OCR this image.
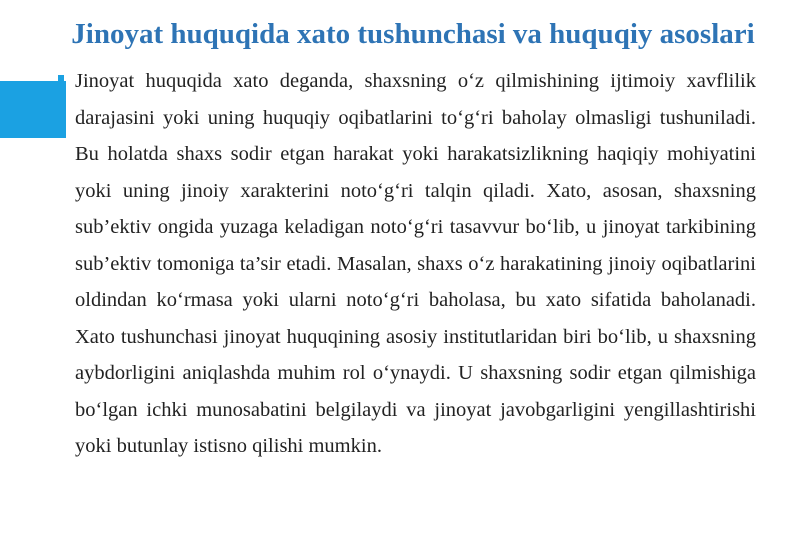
Jinoyat huquqida xato tushunchasi va huquqiy asoslari

Jinoyat huquqida xato deganda, shaxsning o‘z qilmishining ijtimoiy xavflilik darajasini yoki uning huquqiy oqibatlarini to‘g‘ri baholay olmasligi tushuniladi. Bu holatda shaxs sodir etgan harakat yoki harakatsizlikning haqiqiy mohiyatini yoki uning jinoiy xarakterini noto‘g‘ri talqin qiladi. Xato, asosan, shaxsning sub’ektiv ongida yuzaga keladigan noto‘g‘ri tasavvur bo‘lib, u jinoyat tarkibining sub’ektiv tomoniga ta’sir etadi. Masalan, shaxs o‘z harakatining jinoiy oqibatlarini oldindan ko‘rmasa yoki ularni noto‘g‘ri baholasa, bu xato sifatida baholanadi. Xato tushunchasi jinoyat huquqining asosiy institutlaridan biri bo‘lib, u shaxsning aybdorligini aniqlashda muhim rol o‘ynaydi. U shaxsning sodir etgan qilmishiga bo‘lgan ichki munosabatini belgilaydi va jinoyat javobgarligini yengillashtirishi yoki butunlay istisno qilishi mumkin.
